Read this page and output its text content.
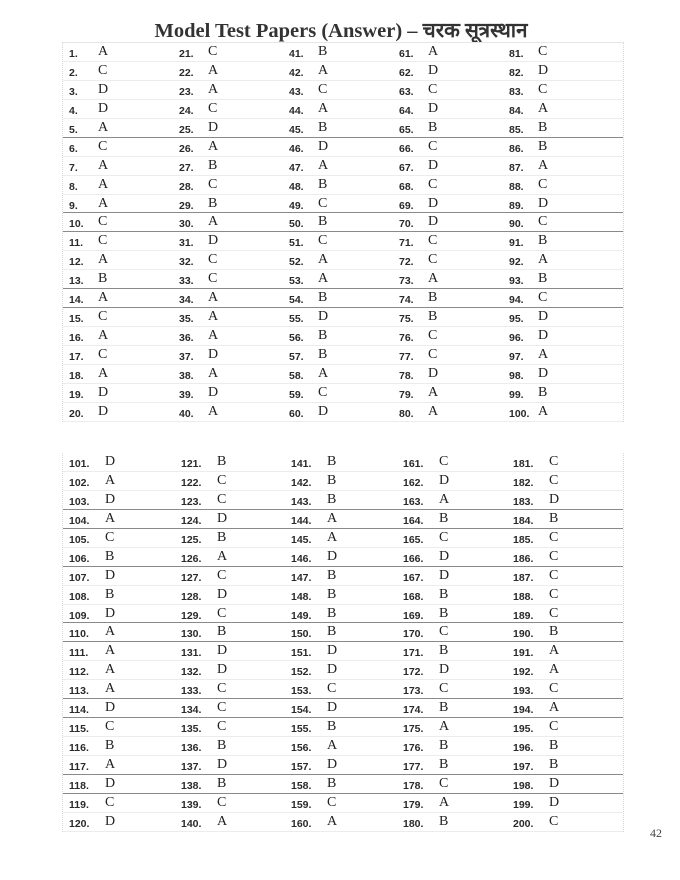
Model Test Papers (Answer) – चरक सूत्रस्थान
1. A	21. C	41. B	61. A	81. C
2. C	22. A	42. A	62. D	82. D
3. D	23. A	43. C	63. C	83. C
4. D	24. C	44. A	64. D	84. A
5. A	25. D	45. B	65. B	85. B
6. C	26. A	46. D	66. C	86. B
7. A	27. B	47. A	67. D	87. A
8. A	28. C	48. B	68. C	88. C
9. A	29. B	49. C	69. D	89. D
10. C	30. A	50. B	70. D	90. C
11. C	31. D	51. C	71. C	91. B
12. A	32. C	52. A	72. C	92. A
13. B	33. C	53. A	73. A	93. B
14. A	34. A	54. B	74. B	94. C
15. C	35. A	55. D	75. B	95. D
16. A	36. A	56. B	76. C	96. D
17. C	37. D	57. B	77. C	97. A
18. A	38. A	58. A	78. D	98. D
19. D	39. D	59. C	79. A	99. B
20. D	40. A	60. D	80. A	100. A
101. D	121. B	141. B	161. C	181. C
102. A	122. C	142. B	162. D	182. C
103. D	123. C	143. B	163. A	183. D
104. A	124. D	144. A	164. B	184. B
105. C	125. B	145. A	165. C	185. C
106. B	126. A	146. D	166. D	186. C
107. D	127. C	147. B	167. D	187. C
108. B	128. D	148. B	168. B	188. C
109. D	129. C	149. B	169. B	189. C
110. A	130. B	150. B	170. C	190. B
111. A	131. D	151. D	171. B	191. A
112. A	132. D	152. D	172. D	192. A
113. A	133. C	153. C	173. C	193. C
114. D	134. C	154. D	174. B	194. A
115. C	135. C	155. B	175. A	195. C
116. B	136. B	156. A	176. B	196. B
117. A	137. D	157. D	177. B	197. B
118. D	138. B	158. B	178. C	198. D
119. C	139. C	159. C	179. A	199. D
120. D	140. A	160. A	180. B	200. C
42
